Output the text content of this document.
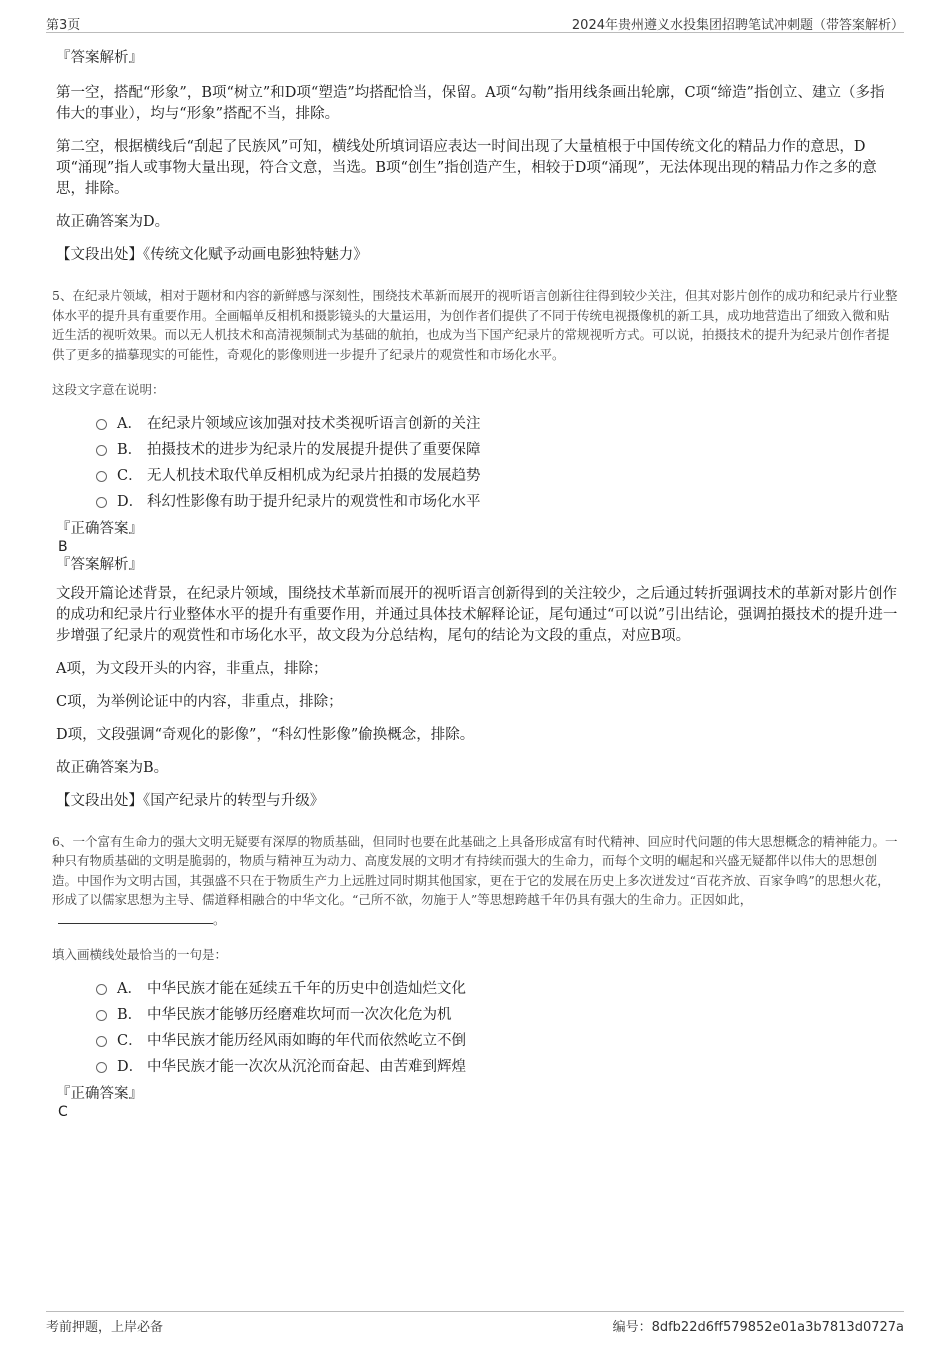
第3页	2024年贵州遵义水投集团招聘笔试冲刺题（带答案解析）

『答案解析』

第一空，搭配“形象”，B项“树立”和D项“塑造”均搭配恰当，保留。A项“勾勒”指用线条画出轮廓，C项“缔造”指创立、建立（多指伟大的事业），均与“形象”搭配不当，排除。

第二空，根据横线后“刮起了民族风”可知，横线处所填词语应表达一时间出现了大量植根于中国传统文化的精品力作的意思，D项“涌现”指人或事物大量出现，符合文意，当选。B项“创生”指创造产生，相较于D项“涌现”，无法体现出现的精品力作之多的意思，排除。

故正确答案为D。

【文段出处】《传统文化赋予动画电影独特魅力》

5、在纪录片领域，相对于题材和内容的新鲜感与深刻性，围绕技术革新而展开的视听语言创新往往得到较少关注，但其对影片创作的成功和纪录片行业整体水平的提升具有重要作用。全画幅单反相机和摄影镜头的大量运用，为创作者们提供了不同于传统电视摄像机的新工具，成功地营造出了细致入微和贴近生活的视听效果。而以无人机技术和高清视频制式为基础的航拍，也成为当下国产纪录片的常规视听方式。可以说，拍摄技术的提升为纪录片创作者提供了更多的描摹现实的可能性，奇观化的影像则进一步提升了纪录片的观赏性和市场化水平。

这段文字意在说明：

A． 在纪录片领域应该加强对技术类视听语言创新的关注
B． 拍摄技术的进步为纪录片的发展提升提供了重要保障
C． 无人机技术取代单反相机成为纪录片拍摄的发展趋势
D． 科幻性影像有助于提升纪录片的观赏性和市场化水平

『正确答案』

B

『答案解析』

文段开篇论述背景，在纪录片领域，围绕技术革新而展开的视听语言创新得到的关注较少，之后通过转折强调技术的革新对影片创作的成功和纪录片行业整体水平的提升有重要作用，并通过具体技术解释论证，尾句通过“可以说”引出结论，强调拍摄技术的提升进一步增强了纪录片的观赏性和市场化水平，故文段为分总结构，尾句的结论为文段的重点，对应B项。

A项，为文段开头的内容，非重点，排除；

C项，为举例论证中的内容，非重点，排除；

D项，文段强调“奇观化的影像”，“科幻性影像”偷换概念，排除。

故正确答案为B。

【文段出处】《国产纪录片的转型与升级》

6、一个富有生命力的强大文明无疑要有深厚的物质基础，但同时也要在此基础之上具备形成富有时代精神、回应时代问题的伟大思想概念的精神能力。一种只有物质基础的文明是脆弱的，物质与精神互为动力、高度发展的文明才有持续而强大的生命力，而每个文明的崛起和兴盛无疑都伴以伟大的思想创造。中国作为文明古国，其强盛不只在于物质生产力上远胜过同时期其他国家，更在于它的发展在历史上多次迸发过“百花齐放、百家争鸣”的思想火花，形成了以儒家思想为主导、儒道释相融合的中华文化。“己所不欲，勿施于人”等思想跨越千年仍具有强大的生命力。正因如此，。

填入画横线处最恰当的一句是：

A． 中华民族才能在延续五千年的历史中创造灿烂文化
B． 中华民族才能够历经磨难坎坷而一次次化危为机
C． 中华民族才能历经风雨如晦的年代而依然屹立不倒
D． 中华民族才能一次次从沉沦而奋起、由苦难到辉煌

『正确答案』

C

考前押题，上岸必备	编号：8dfb22d6ff579852e01a3b7813d0727a
